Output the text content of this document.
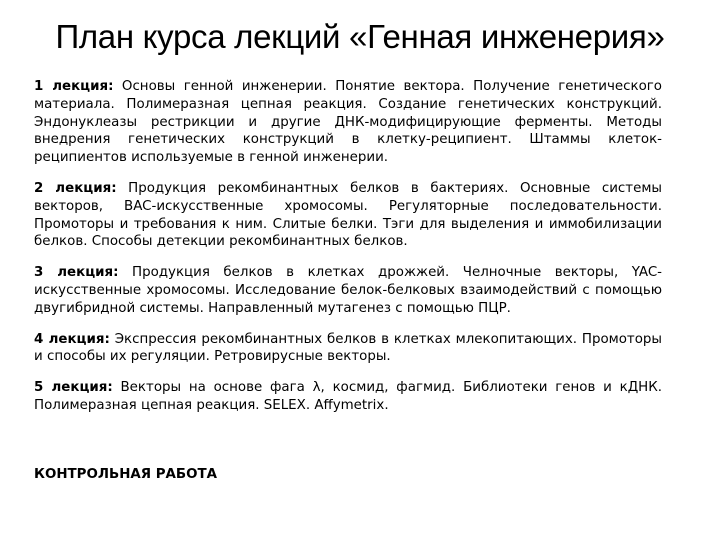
План курса лекций «Генная инженерия»

1 лекция: Основы генной инженерии. Понятие вектора. Получение генетического материала. Полимеразная цепная реакция. Создание генетических конструкций. Эндонуклеазы рестрикции и другие ДНК-модифицирующие ферменты. Методы внедрения генетических конструкций в клетку-реципиент. Штаммы клеток-реципиентов используемые в генной инженерии.

2 лекция: Продукция рекомбинантных белков в бактериях. Основные системы векторов, BAC-искусственные хромосомы. Регуляторные последовательности. Промоторы и требования к ним. Слитые белки. Тэги для выделения и иммобилизации белков. Способы детекции рекомбинантных белков.

3 лекция: Продукция белков в клетках дрожжей. Челночные векторы, YAC-искусственные хромосомы. Исследование белок-белковых взаимодействий с помощью двугибридной системы. Направленный мутагенез с помощью ПЦР.

4 лекция: Экспрессия рекомбинантных белков в клетках млекопитающих. Промоторы и способы их регуляции. Ретровирусные векторы.

5 лекция: Векторы на основе фага λ, космид, фагмид. Библиотеки генов и кДНК. Полимеразная цепная реакция. SELEX. Affymetrix.

КОНТРОЛЬНАЯ РАБОТА
